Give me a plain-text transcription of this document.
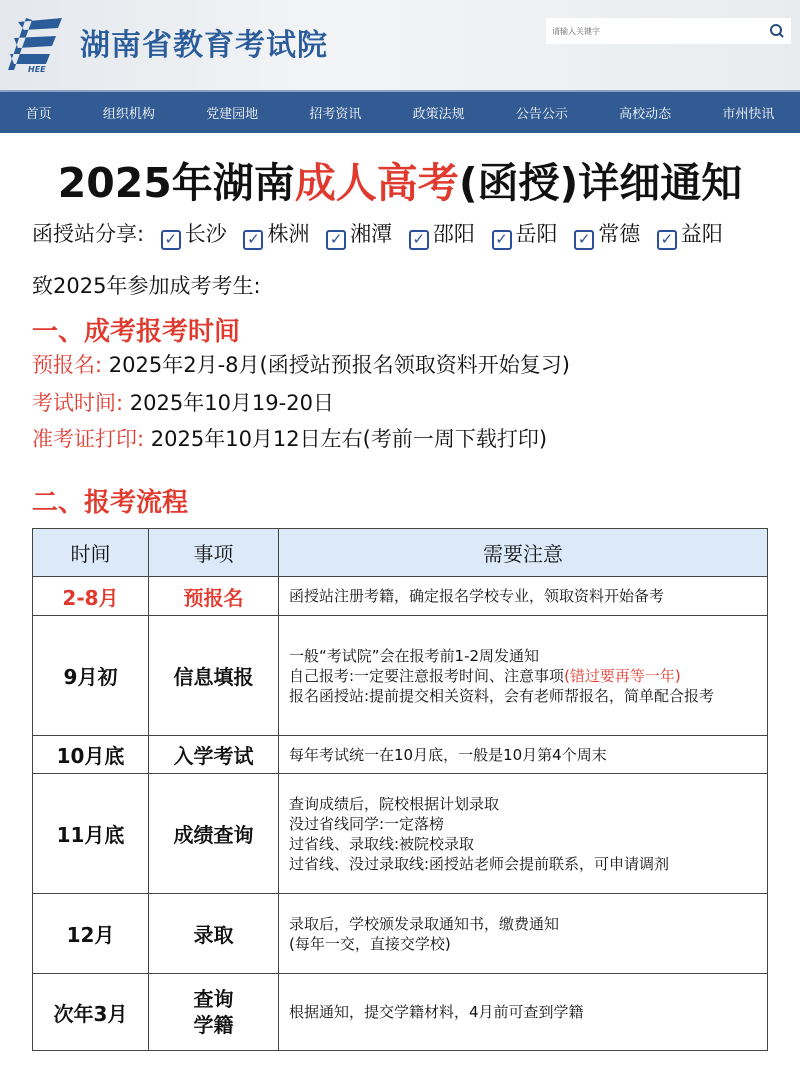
HEE
湖南省教育考试院	请输入关键字
首页	组织机构	党建园地	招考资讯	政策法规	公告公示	高校动态	市州快讯
2025年湖南成人高考(函授)详细通知
函授站分享: ✓ 长沙 ✓ 株洲 ✓ 湘潭 ✓ 邵阳 ✓ 岳阳 ✓ 常德 ✓ 益阳
致2025年参加成考考生:
一、成考报考时间
预报名: 2025年2月-8月(函授站预报名领取资料开始复习)
考试时间: 2025年10月19-20日
准考证打印: 2025年10月12日左右(考前一周下载打印)
二、报考流程
时间	事项	需要注意
2-8月	预报名	函授站注册考籍，确定报名学校专业，领取资料开始备考

9月初	信息填报	一般“考试院”会在报考前1-2周发通知
自己报考:一定要注意报考时间、注意事项(错过要再等一年)
报名函授站:提前提交相关资料，会有老师帮报名，简单配合报考

10月底	入学考试	每年考试统一在10月底，一般是10月第4个周末

11月底	成绩查询	查询成绩后，院校根据计划录取
没过省线同学:一定落榜
过省线、录取线:被院校录取
过省线、没过录取线:函授站老师会提前联系，可申请调剂

12月	录取	录取后，学校颁发录取通知书，缴费通知
(每年一交，直接交学校)

次年3月	查询学籍	根据通知，提交学籍材料，4月前可查到学籍
